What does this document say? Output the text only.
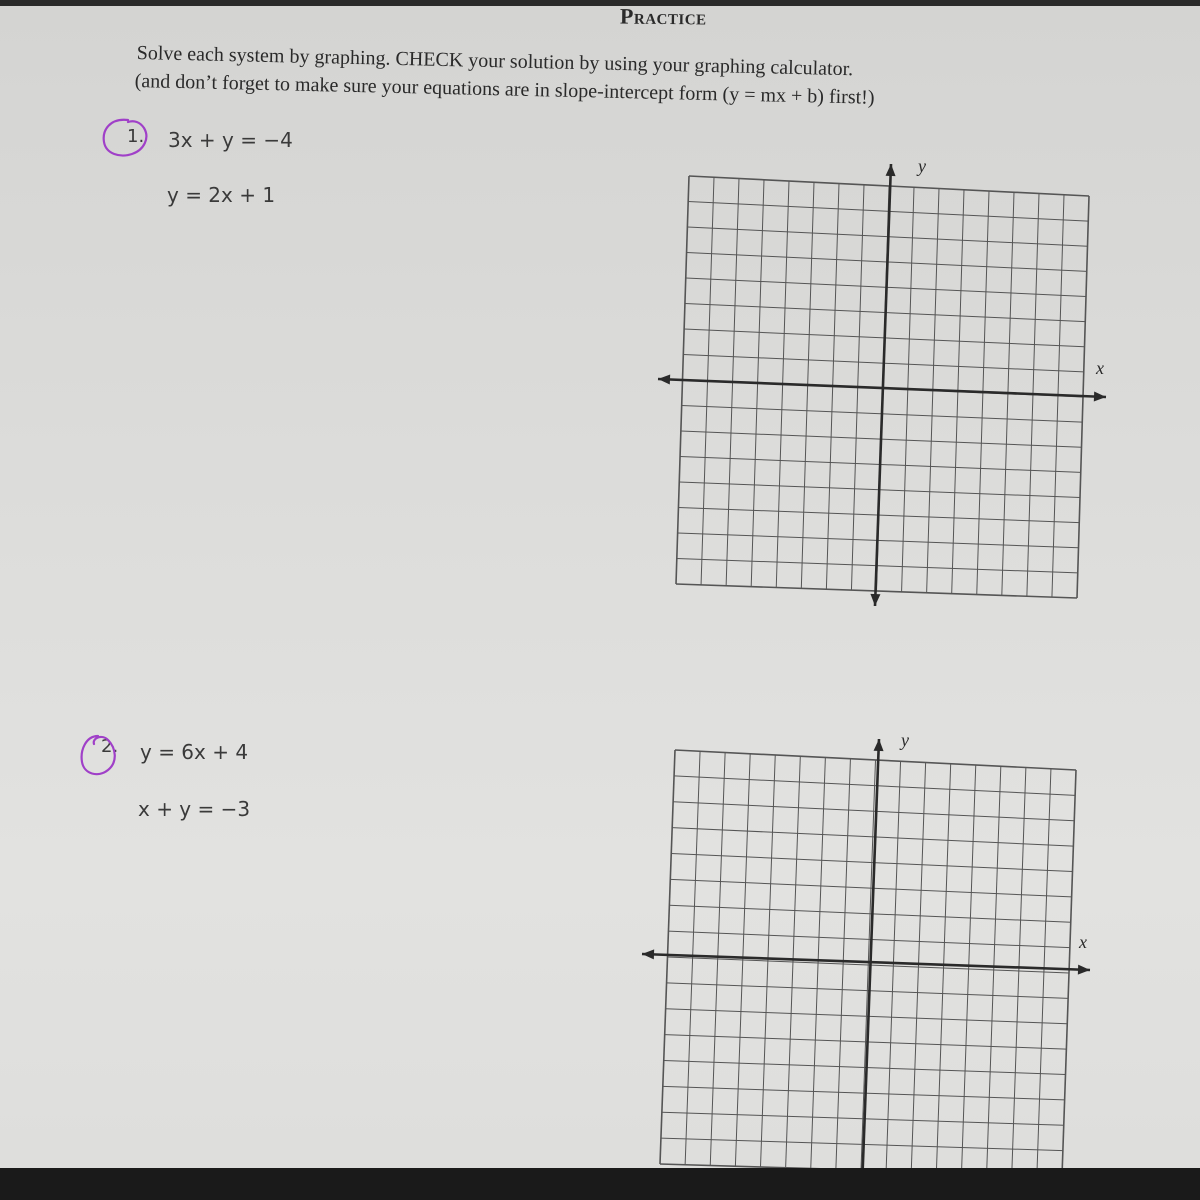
Practice
Solve each system by graphing. CHECK your solution by using your graphing calculator.
(and don’t forget to make sure your equations are in slope-intercept form (y = mx + b) first!)
1. 3x + y = −4
y = 2x + 1
2. y = 6x + 4
x + y = −3
y
x
y
x
